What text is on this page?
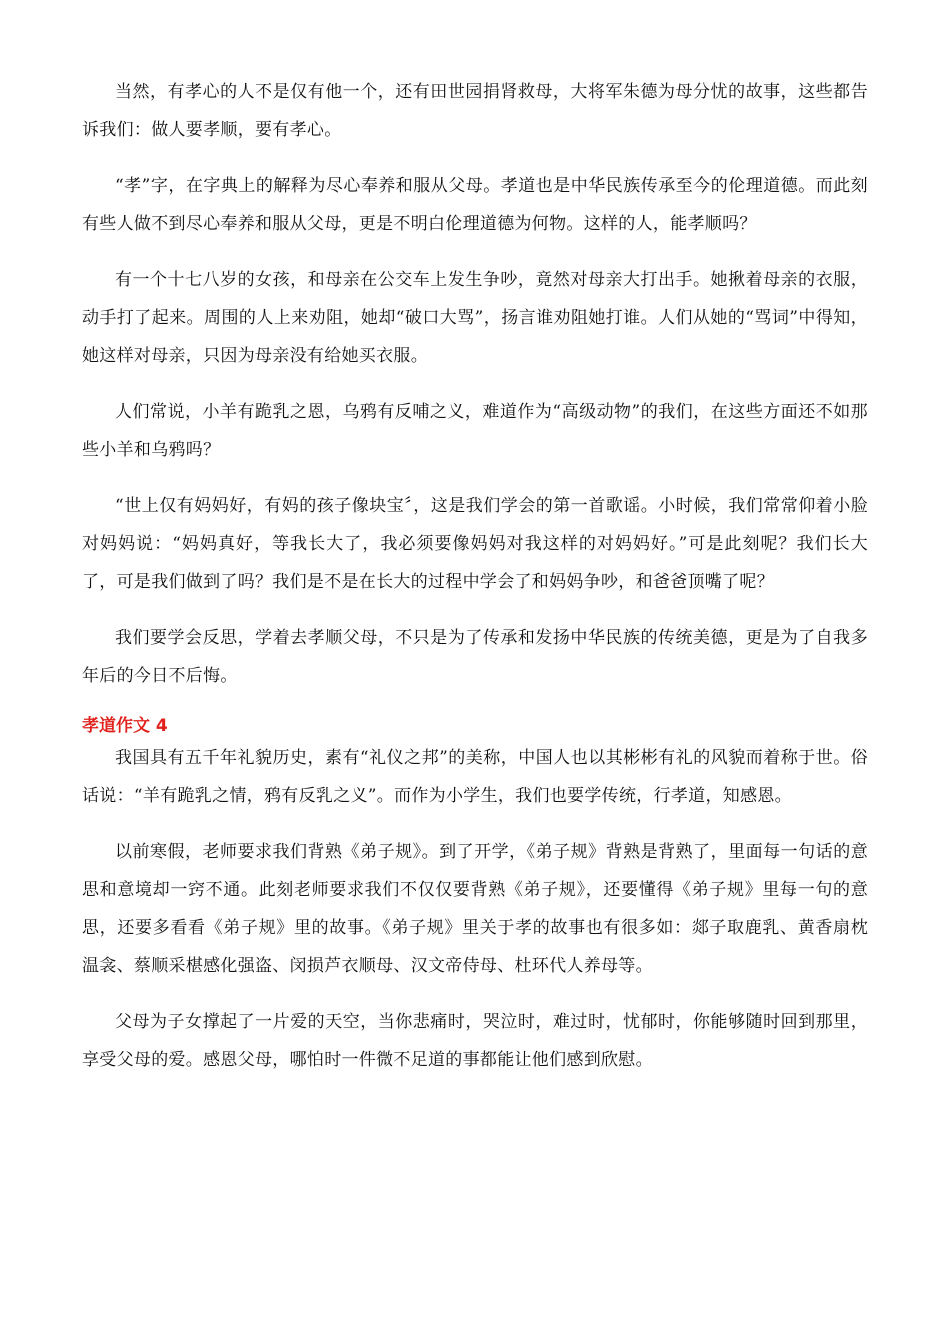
当然，有孝心的人不是仅有他一个，还有田世园捐肾救母，大将军朱德为母分忧的故事，这些都告诉我们：做人要孝顺，要有孝心。

“孝”字，在字典上的解释为尽心奉养和服从父母。孝道也是中华民族传承至今的伦理道德。而此刻有些人做不到尽心奉养和服从父母，更是不明白伦理道德为何物。这样的人，能孝顺吗？

有一个十七八岁的女孩，和母亲在公交车上发生争吵，竟然对母亲大打出手。她揪着母亲的衣服，动手打了起来。周围的人上来劝阻，她却“破口大骂”，扬言谁劝阻她打谁。人们从她的“骂词”中得知，她这样对母亲，只因为母亲没有给她买衣服。

人们常说，小羊有跪乳之恩，乌鸦有反哺之义，难道作为“高级动物”的我们，在这些方面还不如那些小羊和乌鸦吗？

“世上仅有妈妈好，有妈的孩子像块宝〞，这是我们学会的第一首歌谣。小时候，我们常常仰着小脸对妈妈说：“妈妈真好，等我长大了，我必须要像妈妈对我这样的对妈妈好。”可是此刻呢？我们长大了，可是我们做到了吗？我们是不是在长大的过程中学会了和妈妈争吵，和爸爸顶嘴了呢？

我们要学会反思，学着去孝顺父母，不只是为了传承和发扬中华民族的传统美德，更是为了自我多年后的今日不后悔。

孝道作文 4

我国具有五千年礼貌历史，素有“礼仪之邦”的美称，中国人也以其彬彬有礼的风貌而着称于世。俗话说：“羊有跪乳之情，鸦有反乳之义”。而作为小学生，我们也要学传统，行孝道，知感恩。

以前寒假，老师要求我们背熟《弟子规》。到了开学，《弟子规》背熟是背熟了，里面每一句话的意思和意境却一窍不通。此刻老师要求我们不仅仅要背熟《弟子规》，还要懂得《弟子规》里每一句的意思，还要多看看《弟子规》里的故事。《弟子规》里关于孝的故事也有很多如：郯子取鹿乳、黄香扇枕温衾、蔡顺采椹感化强盗、闵损芦衣顺母、汉文帝侍母、杜环代人养母等。

父母为子女撑起了一片爱的天空，当你悲痛时，哭泣时，难过时，忧郁时，你能够随时回到那里，享受父母的爱。感恩父母，哪怕时一件微不足道的事都能让他们感到欣慰。
